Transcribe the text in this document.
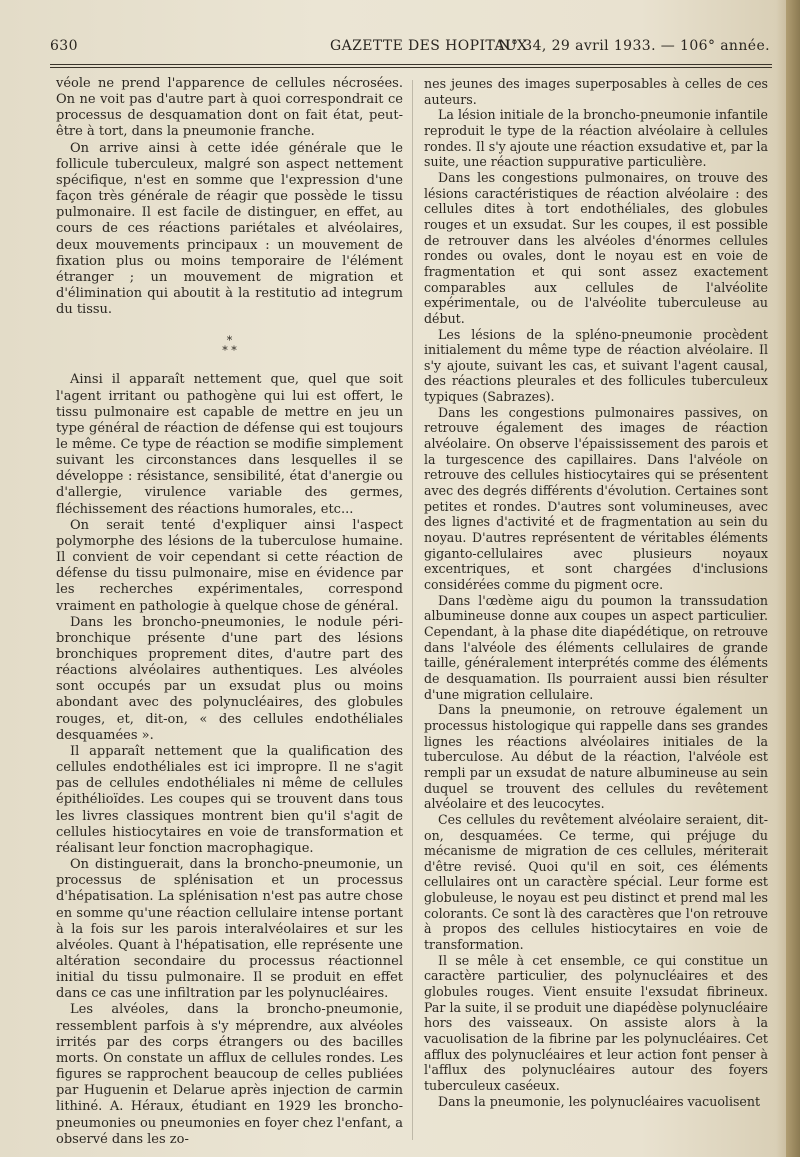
630	GAZETTE DES HOPITAUX
N° 34, 29 avril 1933. — 106° année.

véole ne prend l'apparence de cellules nécrosées. On ne voit pas d'autre part à quoi correspondrait ce processus de desquamation dont on fait état, peut-être à tort, dans la pneumonie franche.

On arrive ainsi à cette idée générale que le follicule tuberculeux, malgré son aspect nettement spécifique, n'est en somme que l'expression d'une façon très générale de réagir que possède le tissu pulmonaire. Il est facile de distinguer, en effet, au cours de ces réactions pariétales et alvéolaires, deux mouvements principaux : un mouvement de fixation plus ou moins temporaire de l'élément étranger ; un mouvement de migration et d'élimination qui aboutit à la restitutio ad integrum du tissu.

*
* *

Ainsi il apparaît nettement que, quel que soit l'agent irritant ou pathogène qui lui est offert, le tissu pulmonaire est capable de mettre en jeu un type général de réaction de défense qui est toujours le même. Ce type de réaction se modifie simplement suivant les circonstances dans lesquelles il se développe : résistance, sensibilité, état d'anergie ou d'allergie, virulence variable des germes, fléchissement des réactions humorales, etc...

On serait tenté d'expliquer ainsi l'aspect polymorphe des lésions de la tuberculose humaine. Il convient de voir cependant si cette réaction de défense du tissu pulmonaire, mise en évidence par les recherches expérimentales, correspond vraiment en pathologie à quelque chose de général.

Dans les broncho-pneumonies, le nodule péri-bronchique présente d'une part des lésions bronchiques proprement dites, d'autre part des réactions alvéolaires authentiques. Les alvéoles sont occupés par un exsudat plus ou moins abondant avec des polynucléaires, des globules rouges, et, dit-on, « des cellules endothéliales desquamées ».

Il apparaît nettement que la qualification des cellules endothéliales est ici impropre. Il ne s'agit pas de cellules endothéliales ni même de cellules épithélioïdes. Les coupes qui se trouvent dans tous les livres classiques montrent bien qu'il s'agit de cellules histiocytaires en voie de transformation et réalisant leur fonction macrophagique.

On distinguerait, dans la broncho-pneumonie, un processus de splénisation et un processus d'hépatisation. La splénisation n'est pas autre chose en somme qu'une réaction cellulaire intense portant à la fois sur les parois interalvéolaires et sur les alvéoles. Quant à l'hépatisation, elle représente une altération secondaire du processus réactionnel initial du tissu pulmonaire. Il se produit en effet dans ce cas une infiltration par les polynucléaires.

Les alvéoles, dans la broncho-pneumonie, ressemblent parfois à s'y méprendre, aux alvéoles irrités par des corps étrangers ou des bacilles morts. On constate un afflux de cellules rondes. Les figures se rapprochent beaucoup de celles publiées par Huguenin et Delarue après injection de carmin lithiné. A. Héraux, étudiant en 1929 les broncho-pneumonies ou pneumonies en foyer chez l'enfant, a observé dans les zo-

nes jeunes des images superposables à celles de ces auteurs.

La lésion initiale de la broncho-pneumonie infantile reproduit le type de la réaction alvéolaire à cellules rondes. Il s'y ajoute une réaction exsudative et, par la suite, une réaction suppurative particulière.

Dans les congestions pulmonaires, on trouve des lésions caractéristiques de réaction alvéolaire : des cellules dites à tort endothéliales, des globules rouges et un exsudat. Sur les coupes, il est possible de retrouver dans les alvéoles d'énormes cellules rondes ou ovales, dont le noyau est en voie de fragmentation et qui sont assez exactement comparables aux cellules de l'alvéolite expérimentale, ou de l'alvéolite tuberculeuse au début.

Les lésions de la spléno-pneumonie procèdent initialement du même type de réaction alvéolaire. Il s'y ajoute, suivant les cas, et suivant l'agent causal, des réactions pleurales et des follicules tuberculeux typiques (Sabrazes).

Dans les congestions pulmonaires passives, on retrouve également des images de réaction alvéolaire. On observe l'épaississement des parois et la turgescence des capillaires. Dans l'alvéole on retrouve des cellules histiocytaires qui se présentent avec des degrés différents d'évolution. Certaines sont petites et rondes. D'autres sont volumineuses, avec des lignes d'activité et de fragmentation au sein du noyau. D'autres représentent de véritables éléments giganto-cellulaires avec plusieurs noyaux excentriques, et sont chargées d'inclusions considérées comme du pigment ocre.

Dans l'œdème aigu du poumon la transsudation albumineuse donne aux coupes un aspect particulier. Cependant, à la phase dite diapédétique, on retrouve dans l'alvéole des éléments cellulaires de grande taille, généralement interprétés comme des éléments de desquamation. Ils pourraient aussi bien résulter d'une migration cellulaire.

Dans la pneumonie, on retrouve également un processus histologique qui rappelle dans ses grandes lignes les réactions alvéolaires initiales de la tuberculose. Au début de la réaction, l'alvéole est rempli par un exsudat de nature albumineuse au sein duquel se trouvent des cellules du revêtement alvéolaire et des leucocytes.

Ces cellules du revêtement alvéolaire seraient, dit-on, desquamées. Ce terme, qui préjuge du mécanisme de migration de ces cellules, mériterait d'être revisé. Quoi qu'il en soit, ces éléments cellulaires ont un caractère spécial. Leur forme est globuleuse, le noyau est peu distinct et prend mal les colorants. Ce sont là des caractères que l'on retrouve à propos des cellules histiocytaires en voie de transformation.

Il se mêle à cet ensemble, ce qui constitue un caractère particulier, des polynucléaires et des globules rouges. Vient ensuite l'exsudat fibrineux. Par la suite, il se produit une diapédèse polynucléaire hors des vaisseaux. On assiste alors à la vacuolisation de la fibrine par les polynucléaires. Cet afflux des polynucléaires et leur action font penser à l'afflux des polynucléaires autour des foyers tuberculeux caséeux.

Dans la pneumonie, les polynucléaires vacuolisent
